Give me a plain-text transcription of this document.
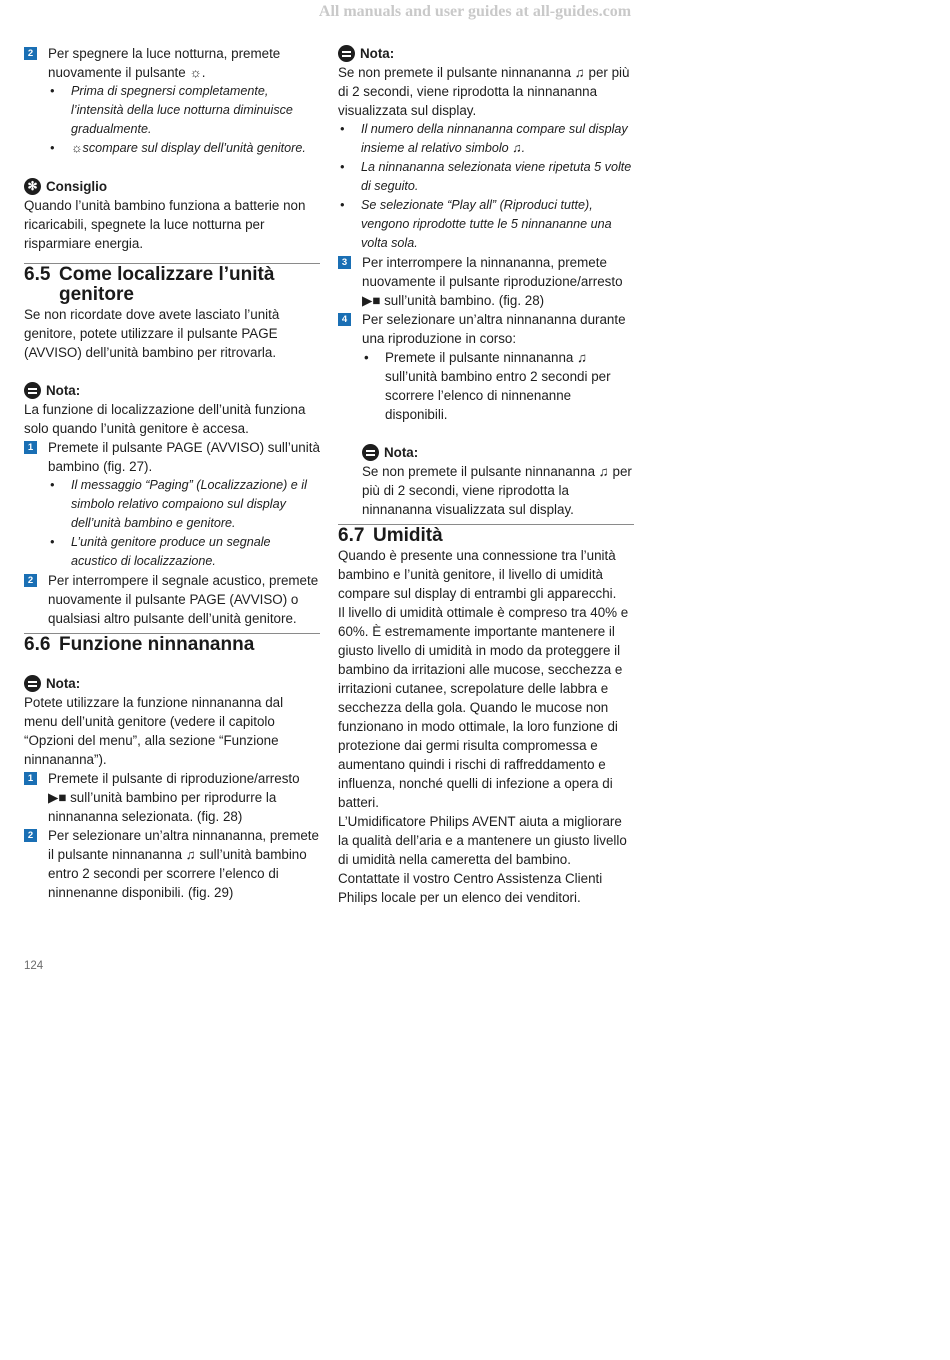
All manuals and user guides at all-guides.com
2 Per spegnere la luce notturna, premete nuovamente il pulsante ☼.

• Prima di spegnersi completamente, l’intensità della luce notturna diminuisce gradualmente.
• ☼scompare sul display dell’unità genitore.
✻ Consiglio

Quando l’unità bambino funziona a batterie non ricaricabili, spegnete la luce notturna per risparmiare energia.

6.5 Come localizzare l’unità
genitore

Se non ricordate dove avete lasciato l’unità genitore, potete utilizzare il pulsante PAGE (AVVISO) dell’unità bambino per ritrovarla.

Nota:

La funzione di localizzazione dell’unità funziona solo quando l’unità genitore è accesa.

1 Premete il pulsante PAGE (AVVISO) sull’unità bambino (fig. 27).

• Il messaggio “Paging” (Localizzazione) e il simbolo relativo compaiono sul display dell’unità bambino e genitore.
• L’unità genitore produce un segnale acustico di localizzazione.
2 Per interrompere il segnale acustico, premete nuovamente il pulsante PAGE (AVVISO) o qualsiasi altro pulsante dell’unità genitore.

6.6 Funzione ninnananna
Nota:

Potete utilizzare la funzione ninnananna dal menu dell’unità genitore (vedere il capitolo “Opzioni del menu”, alla sezione “Funzione ninnananna”).

1 Premete il pulsante di riproduzione/arresto ▶■ sull’unità bambino per riprodurre la ninnananna selezionata. (fig. 28)

2 Per selezionare un’altra ninnananna, premete il pulsante ninnananna ♫ sull’unità bambino entro 2 secondi per scorrere l’elenco di ninnenanne disponibili. (fig. 29)

Nota:

Se non premete il pulsante ninnananna ♫ per più di 2 secondi, viene riprodotta la ninnananna visualizzata sul display.

• Il numero della ninnananna compare sul display insieme al relativo simbolo ♫.
• La ninnananna selezionata viene ripetuta 5 volte di seguito.
• Se selezionate “Play all” (Riproduci tutte), vengono riprodotte tutte le 5 ninnananne una volta sola.
3 Per interrompere la ninnananna, premete nuovamente il pulsante riproduzione/arresto ▶■ sull’unità bambino. (fig. 28)

4 Per selezionare un’altra ninnananna durante una riproduzione in corso:

• Premete il pulsante ninnananna ♫ sull’unità bambino entro 2 secondi per scorrere l’elenco di ninnenanne disponibili.
Nota:

Se non premete il pulsante ninnananna ♫ per più di 2 secondi, viene riprodotta la ninnananna visualizzata sul display.

6.7 Umidità

Quando è presente una connessione tra l’unità bambino e l’unità genitore, il livello di umidità compare sul display di entrambi gli apparecchi.

Il livello di umidità ottimale è compreso tra 40% e 60%. È estremamente importante mantenere il giusto livello di umidità in modo da proteggere il bambino da irritazioni alle mucose, secchezza e irritazioni cutanee, screpolature delle labbra e secchezza della gola. Quando le mucose non funzionano in modo ottimale, la loro funzione di protezione dai germi risulta compromessa e aumentano quindi i rischi di raffreddamento e influenza, nonché quelli di infezione a opera di batteri.

L’Umidificatore Philips AVENT aiuta a migliorare la qualità dell’aria e a mantenere un giusto livello di umidità nella cameretta del bambino. Contattate il vostro Centro Assistenza Clienti Philips locale per un elenco dei venditori.

124
